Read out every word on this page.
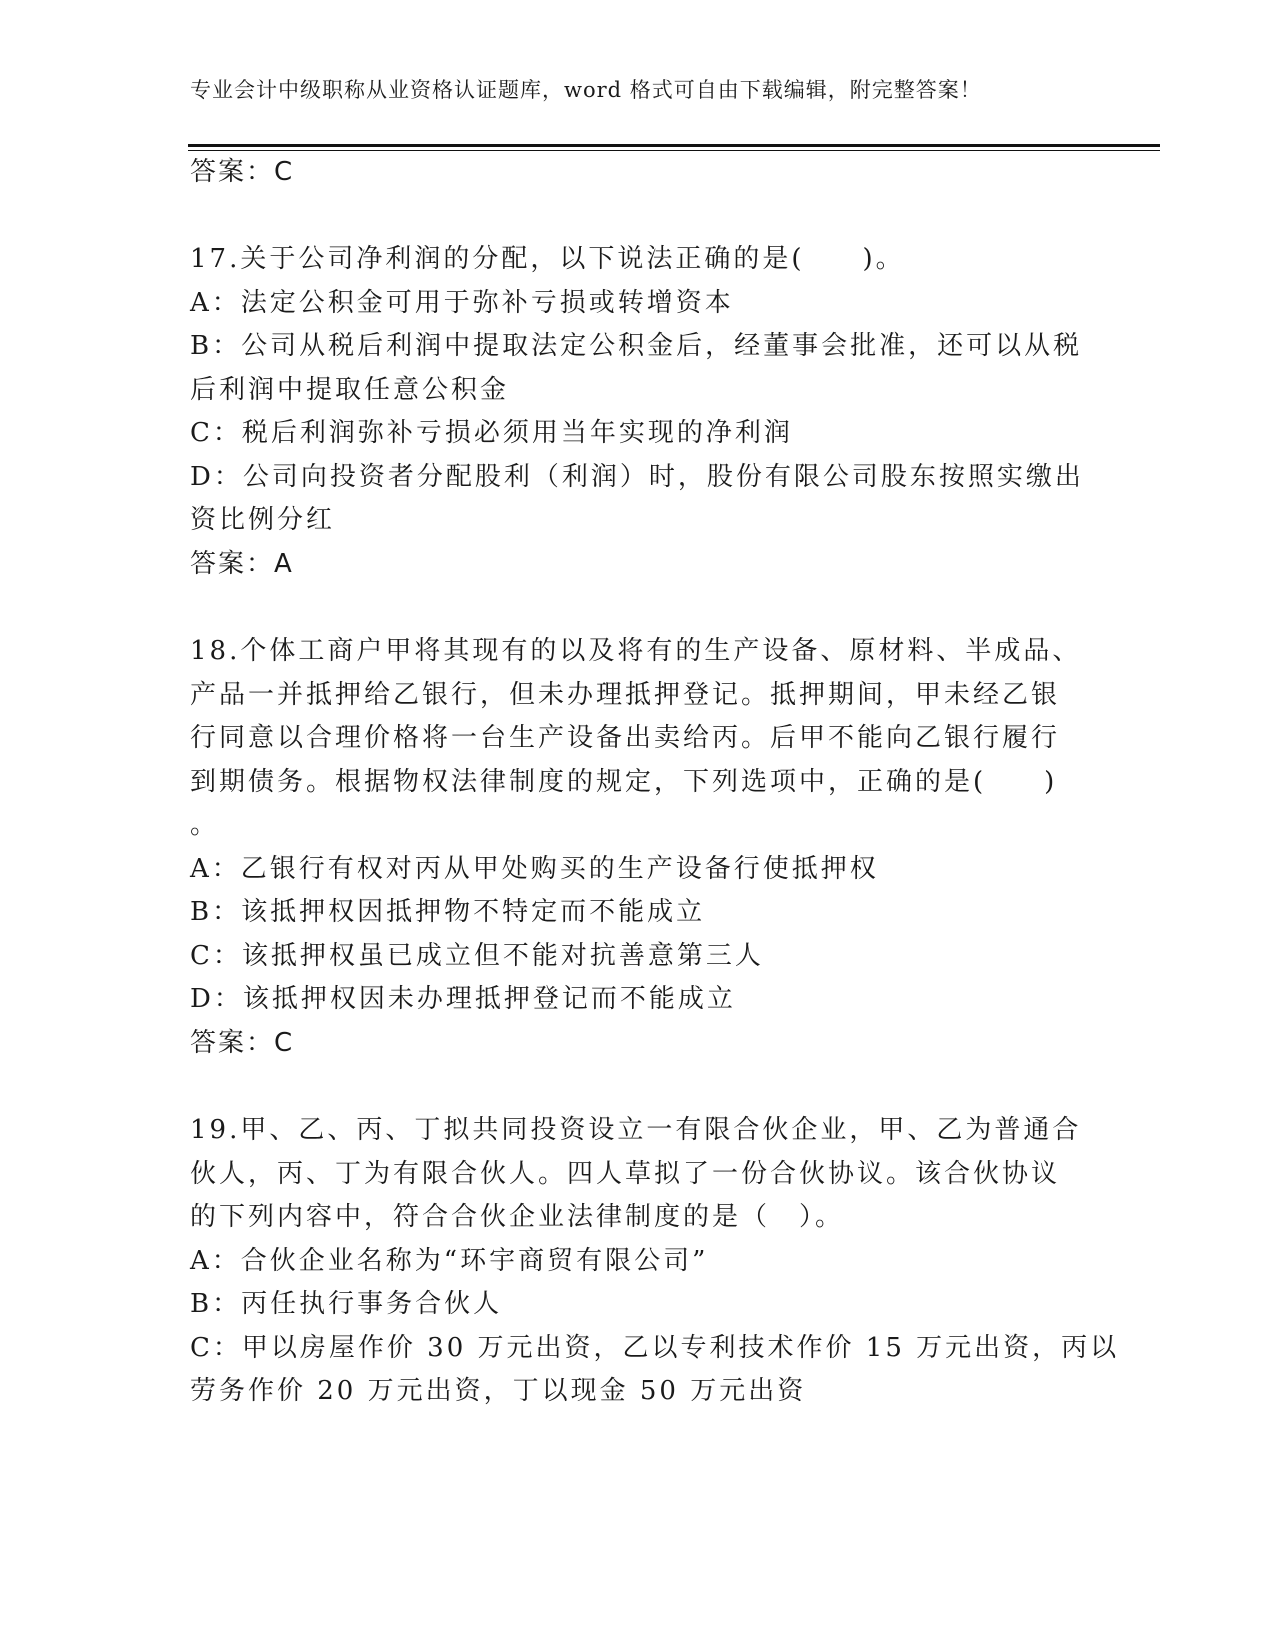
专业会计中级职称从业资格认证题库，word 格式可自由下载编辑，附完整答案！
答案：C
17.关于公司净利润的分配，以下说法正确的是(　　)。
A：法定公积金可用于弥补亏损或转增资本
B：公司从税后利润中提取法定公积金后，经董事会批准，还可以从税
后利润中提取任意公积金
C：税后利润弥补亏损必须用当年实现的净利润
D：公司向投资者分配股利（利润）时，股份有限公司股东按照实缴出
资比例分红
答案：A
18.个体工商户甲将其现有的以及将有的生产设备、原材料、半成品、
产品一并抵押给乙银行，但未办理抵押登记。抵押期间，甲未经乙银
行同意以合理价格将一台生产设备出卖给丙。后甲不能向乙银行履行
到期债务。根据物权法律制度的规定，下列选项中，正确的是(　　)
。
A：乙银行有权对丙从甲处购买的生产设备行使抵押权
B：该抵押权因抵押物不特定而不能成立
C：该抵押权虽已成立但不能对抗善意第三人
D：该抵押权因未办理抵押登记而不能成立
答案：C
19.甲、乙、丙、丁拟共同投资设立一有限合伙企业，甲、乙为普通合
伙人，丙、丁为有限合伙人。四人草拟了一份合伙协议。该合伙协议
的下列内容中，符合合伙企业法律制度的是（　）。
A：合伙企业名称为“环宇商贸有限公司”
B：丙任执行事务合伙人
C：甲以房屋作价 30 万元出资，乙以专利技术作价 15 万元出资，丙以
劳务作价 20 万元出资，丁以现金 50 万元出资
